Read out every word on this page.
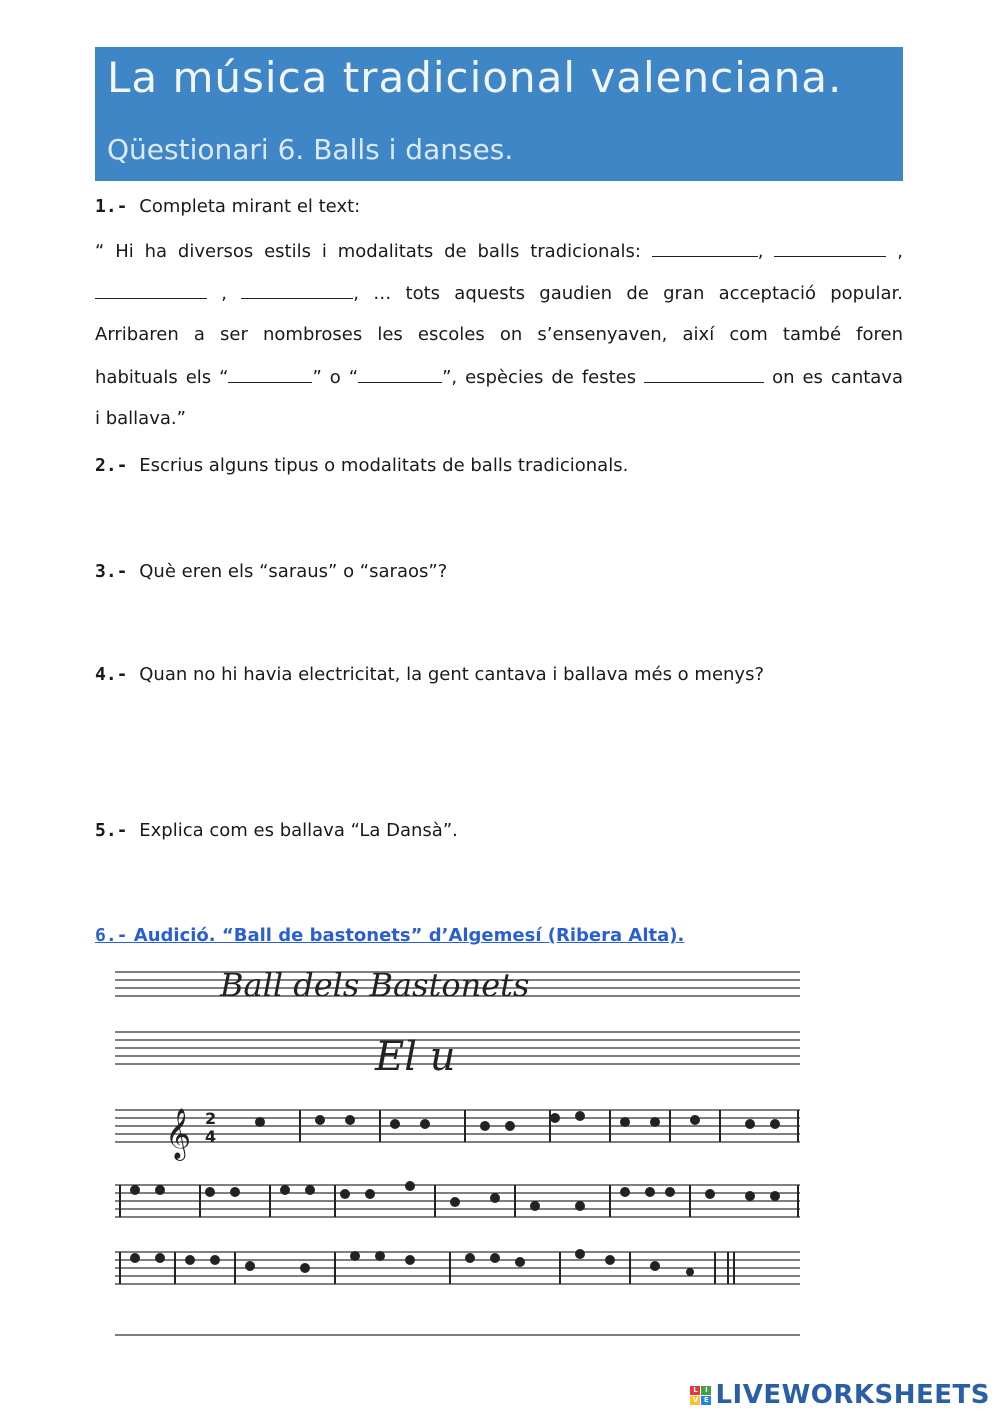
La música tradicional valenciana.
Qüestionari 6. Balls i danses.
1.- Completa mirant el text:
“ Hi ha diversos estils i modalitats de balls tradicionals:	,	,
,	, … tots aquests gaudien de gran acceptació popular.
Arribaren a ser nombroses les escoles on s’ensenyaven, així com també foren
habituals els “	” o “	”, espècies de festes	on es cantava
i ballava.”
2.- Escrius alguns tipus o modalitats de balls tradicionals.
3.- Què eren els “saraus” o “saraos”?
4.- Quan no hi havia electricitat, la gent cantava i ballava més o menys?
5.- Explica com es ballava “La Dansà”.
6.- Audició. “Ball de bastonets” d’Algemesí (Ribera Alta).
Ball dels Bastonets
El u
𝄞 2
4
L	I
V E LIVEWORKSHEETS
